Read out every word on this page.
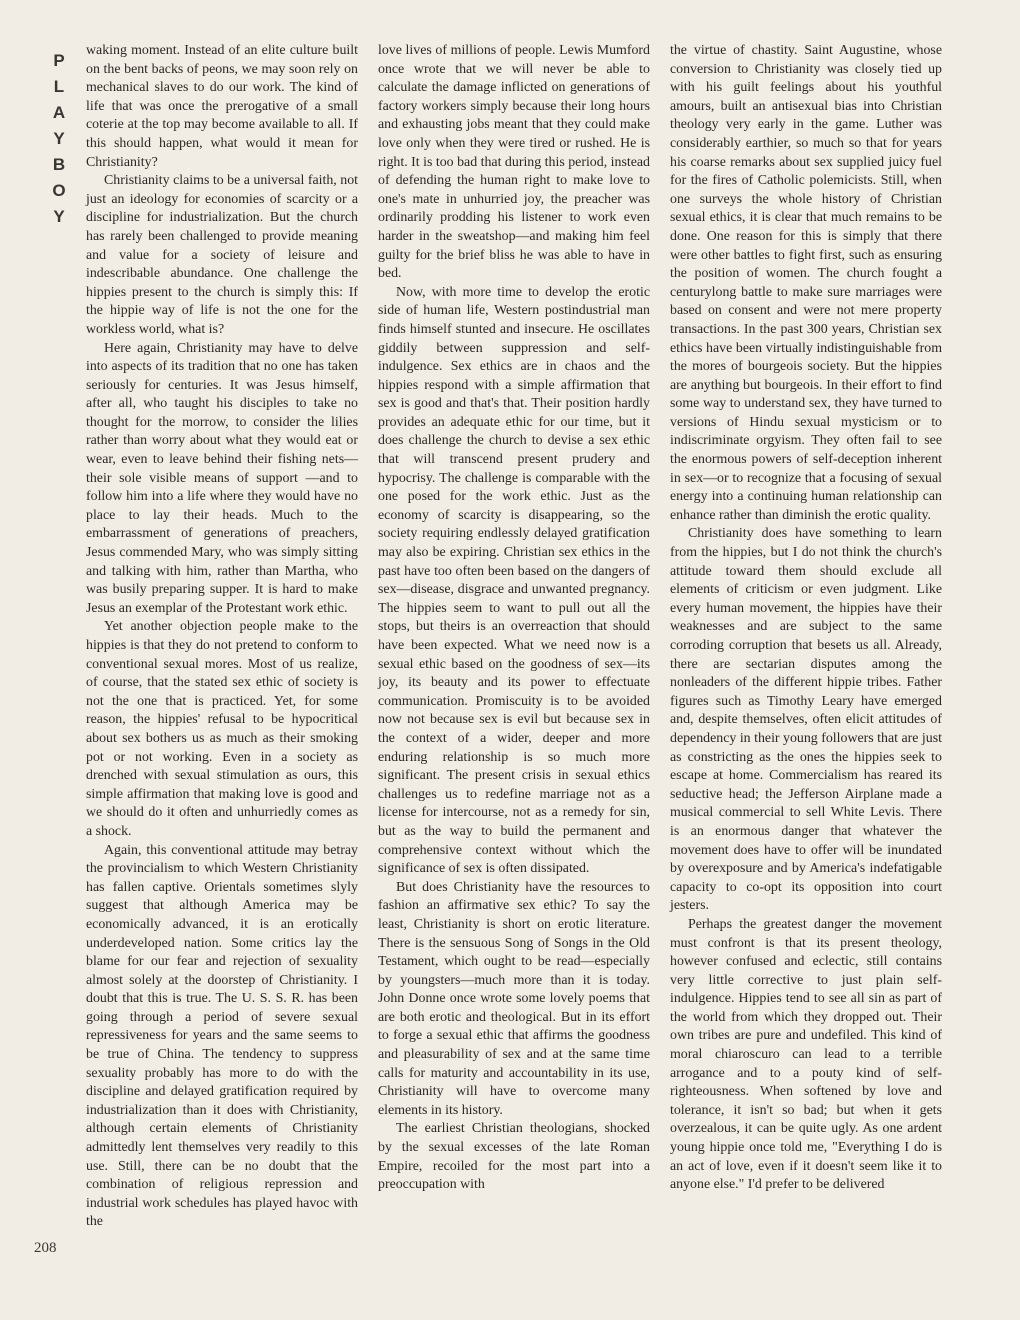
P
L
A
Y
B
O
Y

waking moment. Instead of an elite culture built on the bent backs of peons, we may soon rely on mechanical slaves to do our work. The kind of life that was once the prerogative of a small coterie at the top may become available to all. If this should happen, what would it mean for Christianity?

Christianity claims to be a universal faith, not just an ideology for economies of scarcity or a discipline for industrialization. But the church has rarely been challenged to provide meaning and value for a society of leisure and indescribable abundance. One challenge the hippies present to the church is simply this: If the hippie way of life is not the one for the workless world, what is?

Here again, Christianity may have to delve into aspects of its tradition that no one has taken seriously for centuries. It was Jesus himself, after all, who taught his disciples to take no thought for the morrow, to consider the lilies rather than worry about what they would eat or wear, even to leave behind their fishing nets—their sole visible means of support —and to follow him into a life where they would have no place to lay their heads. Much to the embarrassment of generations of preachers, Jesus commended Mary, who was simply sitting and talking with him, rather than Martha, who was busily preparing supper. It is hard to make Jesus an exemplar of the Protestant work ethic.

Yet another objection people make to the hippies is that they do not pretend to conform to conventional sexual mores. Most of us realize, of course, that the stated sex ethic of society is not the one that is practiced. Yet, for some reason, the hippies' refusal to be hypocritical about sex bothers us as much as their smoking pot or not working. Even in a society as drenched with sexual stimulation as ours, this simple affirmation that making love is good and we should do it often and unhurriedly comes as a shock.

Again, this conventional attitude may betray the provincialism to which Western Christianity has fallen captive. Orientals sometimes slyly suggest that although America may be economically advanced, it is an erotically underdeveloped nation. Some critics lay the blame for our fear and rejection of sexuality almost solely at the doorstep of Christianity. I doubt that this is true. The U. S. S. R. has been going through a period of severe sexual repressiveness for years and the same seems to be true of China. The tendency to suppress sexuality probably has more to do with the discipline and delayed gratification required by industrialization than it does with Christianity, although certain elements of Christianity admittedly lent themselves very readily to this use. Still, there can be no doubt that the combination of religious repression and industrial work schedules has played havoc with the

love lives of millions of people. Lewis Mumford once wrote that we will never be able to calculate the damage inflicted on generations of factory workers simply because their long hours and exhausting jobs meant that they could make love only when they were tired or rushed. He is right. It is too bad that during this period, instead of defending the human right to make love to one's mate in unhurried joy, the preacher was ordinarily prodding his listener to work even harder in the sweatshop—and making him feel guilty for the brief bliss he was able to have in bed.

Now, with more time to develop the erotic side of human life, Western postindustrial man finds himself stunted and insecure. He oscillates giddily between suppression and self-indulgence. Sex ethics are in chaos and the hippies respond with a simple affirmation that sex is good and that's that. Their position hardly provides an adequate ethic for our time, but it does challenge the church to devise a sex ethic that will transcend present prudery and hypocrisy. The challenge is comparable with the one posed for the work ethic. Just as the economy of scarcity is disappearing, so the society requiring endlessly delayed gratification may also be expiring. Christian sex ethics in the past have too often been based on the dangers of sex—disease, disgrace and unwanted pregnancy. The hippies seem to want to pull out all the stops, but theirs is an overreaction that should have been expected. What we need now is a sexual ethic based on the goodness of sex—its joy, its beauty and its power to effectuate communication. Promiscuity is to be avoided now not because sex is evil but because sex in the context of a wider, deeper and more enduring relationship is so much more significant. The present crisis in sexual ethics challenges us to redefine marriage not as a license for intercourse, not as a remedy for sin, but as the way to build the permanent and comprehensive context without which the significance of sex is often dissipated.

But does Christianity have the resources to fashion an affirmative sex ethic? To say the least, Christianity is short on erotic literature. There is the sensuous Song of Songs in the Old Testament, which ought to be read—especially by youngsters—much more than it is today. John Donne once wrote some lovely poems that are both erotic and theological. But in its effort to forge a sexual ethic that affirms the goodness and pleasurability of sex and at the same time calls for maturity and accountability in its use, Christianity will have to overcome many elements in its history.

The earliest Christian theologians, shocked by the sexual excesses of the late Roman Empire, recoiled for the most part into a preoccupation with

the virtue of chastity. Saint Augustine, whose conversion to Christianity was closely tied up with his guilt feelings about his youthful amours, built an antisexual bias into Christian theology very early in the game. Luther was considerably earthier, so much so that for years his coarse remarks about sex supplied juicy fuel for the fires of Catholic polemicists. Still, when one surveys the whole history of Christian sexual ethics, it is clear that much remains to be done. One reason for this is simply that there were other battles to fight first, such as ensuring the position of women. The church fought a centurylong battle to make sure marriages were based on consent and were not mere property transactions. In the past 300 years, Christian sex ethics have been virtually indistinguishable from the mores of bourgeois society. But the hippies are anything but bourgeois. In their effort to find some way to understand sex, they have turned to versions of Hindu sexual mysticism or to indiscriminate orgyism. They often fail to see the enormous powers of self-deception inherent in sex—or to recognize that a focusing of sexual energy into a continuing human relationship can enhance rather than diminish the erotic quality.

Christianity does have something to learn from the hippies, but I do not think the church's attitude toward them should exclude all elements of criticism or even judgment. Like every human movement, the hippies have their weaknesses and are subject to the same corroding corruption that besets us all. Already, there are sectarian disputes among the nonleaders of the different hippie tribes. Father figures such as Timothy Leary have emerged and, despite themselves, often elicit attitudes of dependency in their young followers that are just as constricting as the ones the hippies seek to escape at home. Commercialism has reared its seductive head; the Jefferson Airplane made a musical commercial to sell White Levis. There is an enormous danger that whatever the movement does have to offer will be inundated by overexposure and by America's indefatigable capacity to co-opt its opposition into court jesters.

Perhaps the greatest danger the movement must confront is that its present theology, however confused and eclectic, still contains very little corrective to just plain self-indulgence. Hippies tend to see all sin as part of the world from which they dropped out. Their own tribes are pure and undefiled. This kind of moral chiaroscuro can lead to a terrible arrogance and to a pouty kind of self-righteousness. When softened by love and tolerance, it isn't so bad; but when it gets overzealous, it can be quite ugly. As one ardent young hippie once told me, "Everything I do is an act of love, even if it doesn't seem like it to anyone else." I'd prefer to be delivered

208
